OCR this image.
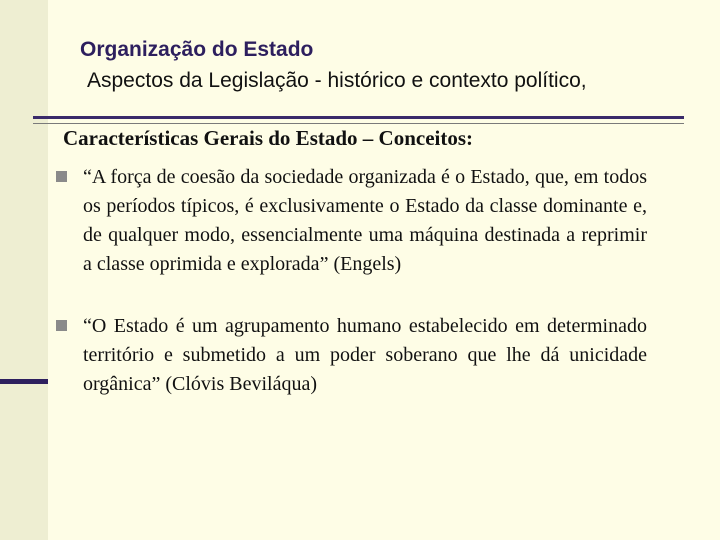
Organização do Estado
Aspectos da Legislação - histórico e contexto político,
Características Gerais do Estado – Conceitos:
“A força de coesão da sociedade organizada é o Estado, que, em todos os períodos típicos, é exclusivamente o Estado da classe dominante e, de qualquer modo, essencialmente uma máquina destinada a reprimir a classe oprimida e explorada” (Engels)
“O Estado é um agrupamento humano estabelecido em determinado território e submetido a um poder soberano que lhe dá unicidade orgânica” (Clóvis Beviláqua)
